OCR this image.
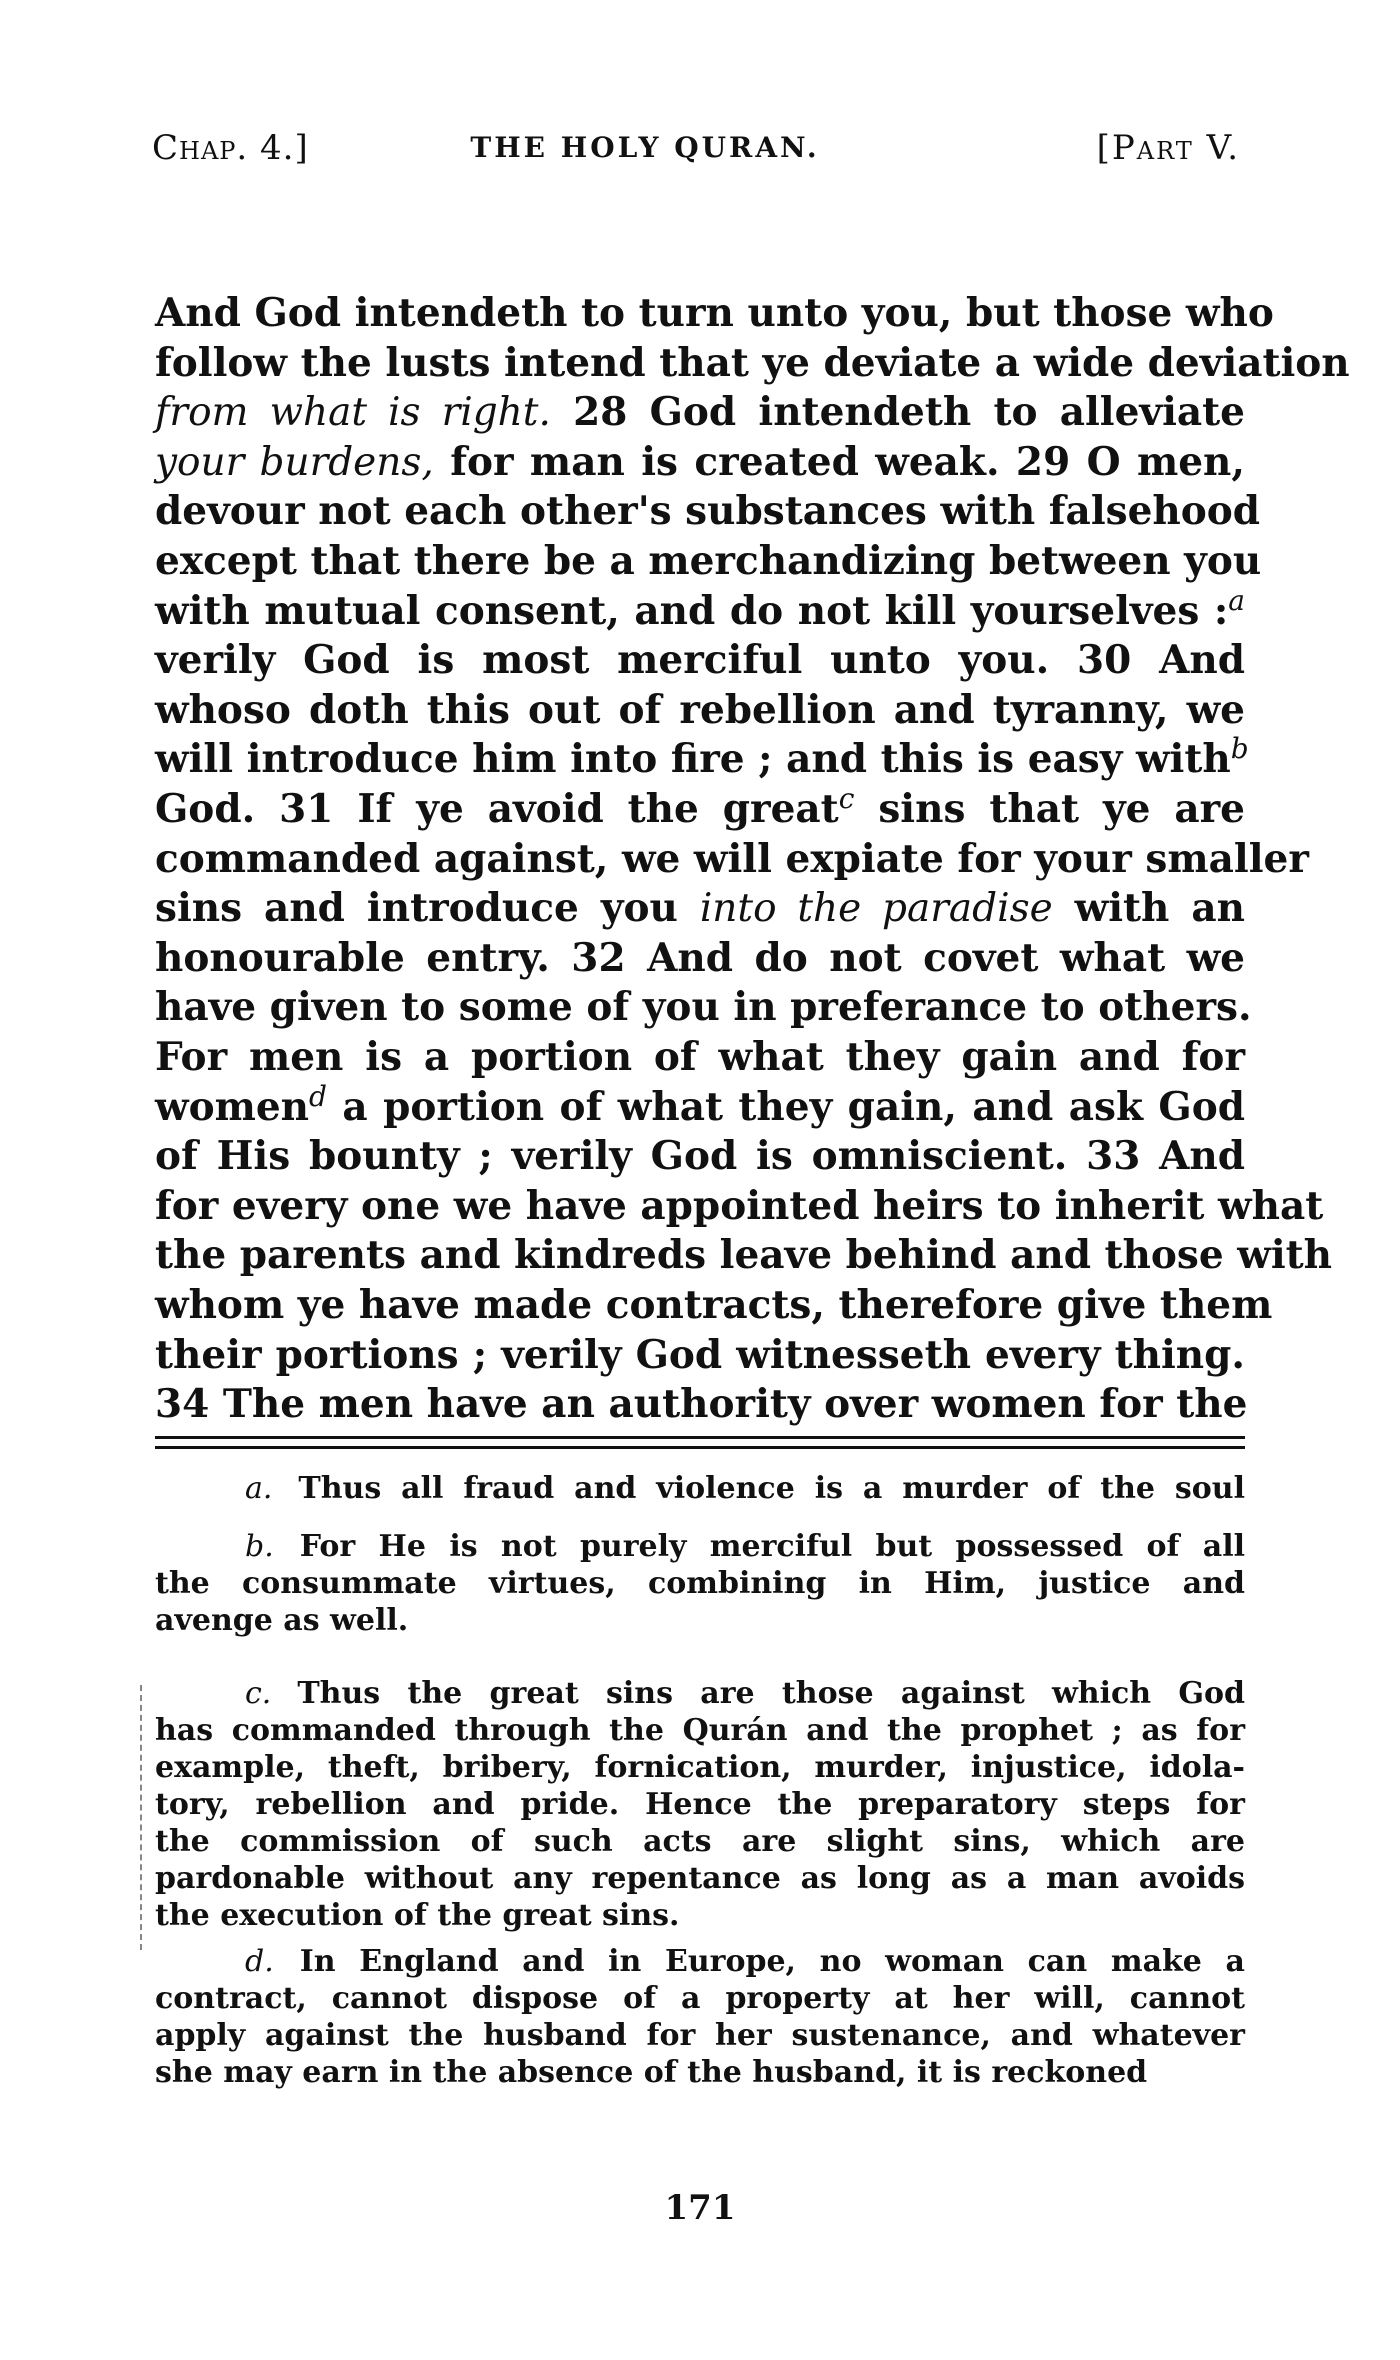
Chap. 4.]	THE HOLY QURAN.	[Part V.
And God intendeth to turn unto you, but those who
follow the lusts intend that ye deviate a wide deviation
from what is right. 28 God intendeth to alleviate
your burdens, for man is created weak. 29 O men,
devour not each other's substances with falsehood
except that there be a merchandizing between you
with mutual consent, and do not kill yourselves :$^a$
verily God is most merciful unto you. 30 And
whoso doth this out of rebellion and tyranny, we
will introduce him into fire ; and this is easy with$^b$
God. 31 If ye avoid the great$^c$ sins that ye are
commanded against, we will expiate for your smaller
sins and introduce you into the paradise with an
honourable entry. 32 And do not covet what we
have given to some of you in preferance to others.
For men is a portion of what they gain and for
women$^d$ a portion of what they gain, and ask God
of His bounty ; verily God is omniscient. 33 And
for every one we have appointed heirs to inherit what
the parents and kindreds leave behind and those with
whom ye have made contracts, therefore give them
their portions ; verily God witnesseth every thing.
34 The men have an authority over women for the
a. Thus all fraud and violence is a murder of the soul
b. For He is not purely merciful but possessed of all
the consummate virtues, combining in Him, justice and
avenge as well.
c. Thus the great sins are those against which God
has commanded through the Qurán and the prophet ; as for
example, theft, bribery, fornication, murder, injustice, idola-
tory, rebellion and pride. Hence the preparatory steps for
the commission of such acts are slight sins, which are
pardonable without any repentance as long as a man avoids
the execution of the great sins.
d. In England and in Europe, no woman can make a
contract, cannot dispose of a property at her will, cannot
apply against the husband for her sustenance, and whatever
she may earn in the absence of the husband, it is reckoned
171
